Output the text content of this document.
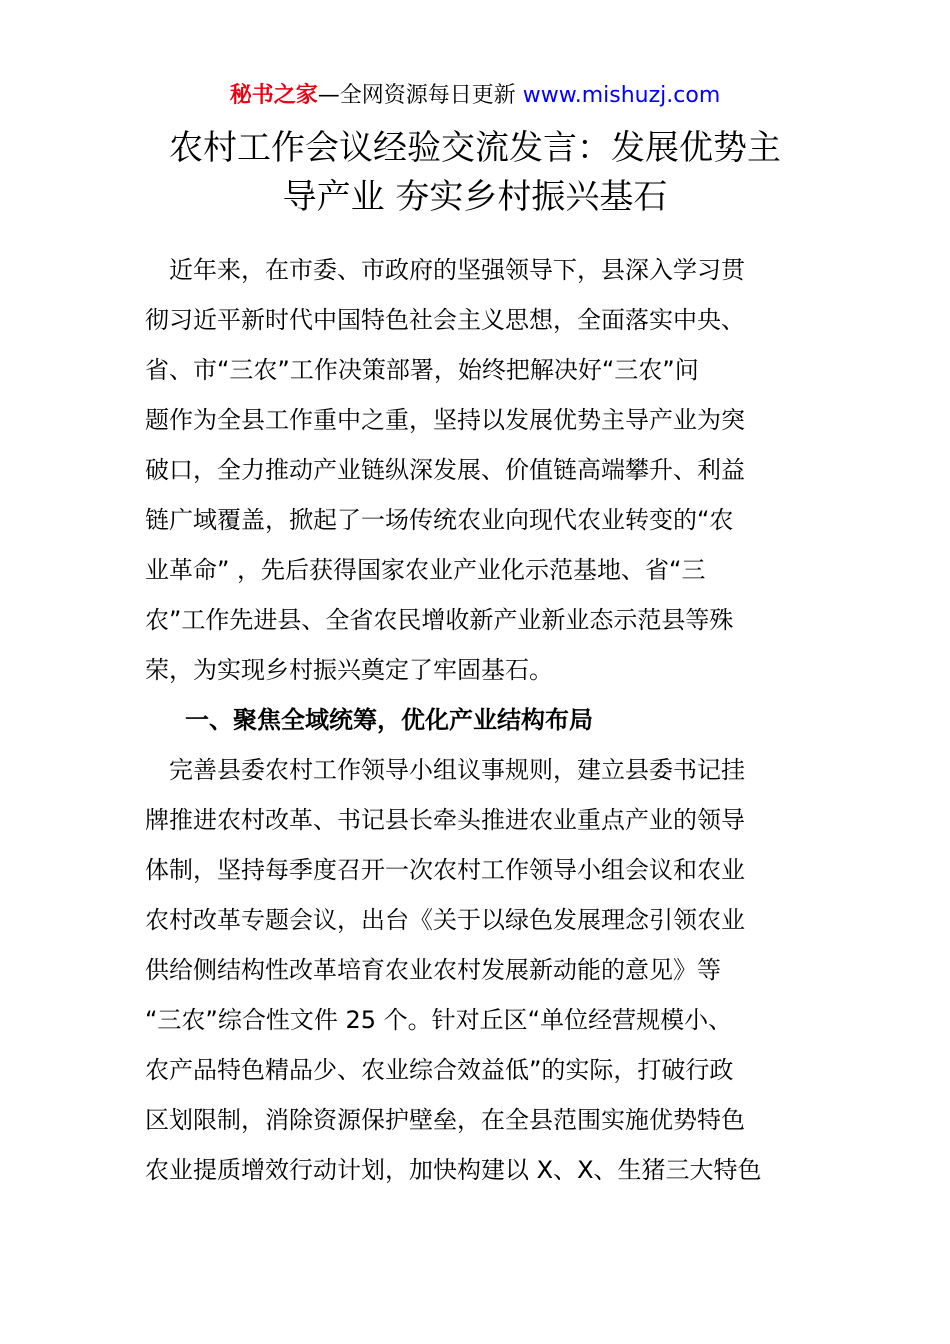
秘书之家—全网资源每日更新 www.mishuzj.com
农村工作会议经验交流发言：发展优势主
导产业 夯实乡村振兴基石

　近年来，在市委、市政府的坚强领导下，县深入学习贯
彻习近平新时代中国特色社会主义思想，全面落实中央、
省、市“三农”工作决策部署，始终把解决好“三农”问
题作为全县工作重中之重，坚持以发展优势主导产业为突
破口，全力推动产业链纵深发展、价值链高端攀升、利益
链广域覆盖，掀起了一场传统农业向现代农业转变的“农
业革命” ，先后获得国家农业产业化示范基地、省“三
农”工作先进县、全省农民增收新产业新业态示范县等殊
荣，为实现乡村振兴奠定了牢固基石。

一、聚焦全域统筹，优化产业结构布局

　完善县委农村工作领导小组议事规则，建立县委书记挂
牌推进农村改革、书记县长牵头推进农业重点产业的领导
体制，坚持每季度召开一次农村工作领导小组会议和农业
农村改革专题会议，出台《关于以绿色发展理念引领农业
供给侧结构性改革培育农业农村发展新动能的意见》等
“三农”综合性文件 25 个。针对丘区“单位经营规模小、
农产品特色精品少、农业综合效益低”的实际，打破行政
区划限制，消除资源保护壁垒，在全县范围实施优势特色
农业提质增效行动计划，加快构建以 X、X、生猪三大特色
